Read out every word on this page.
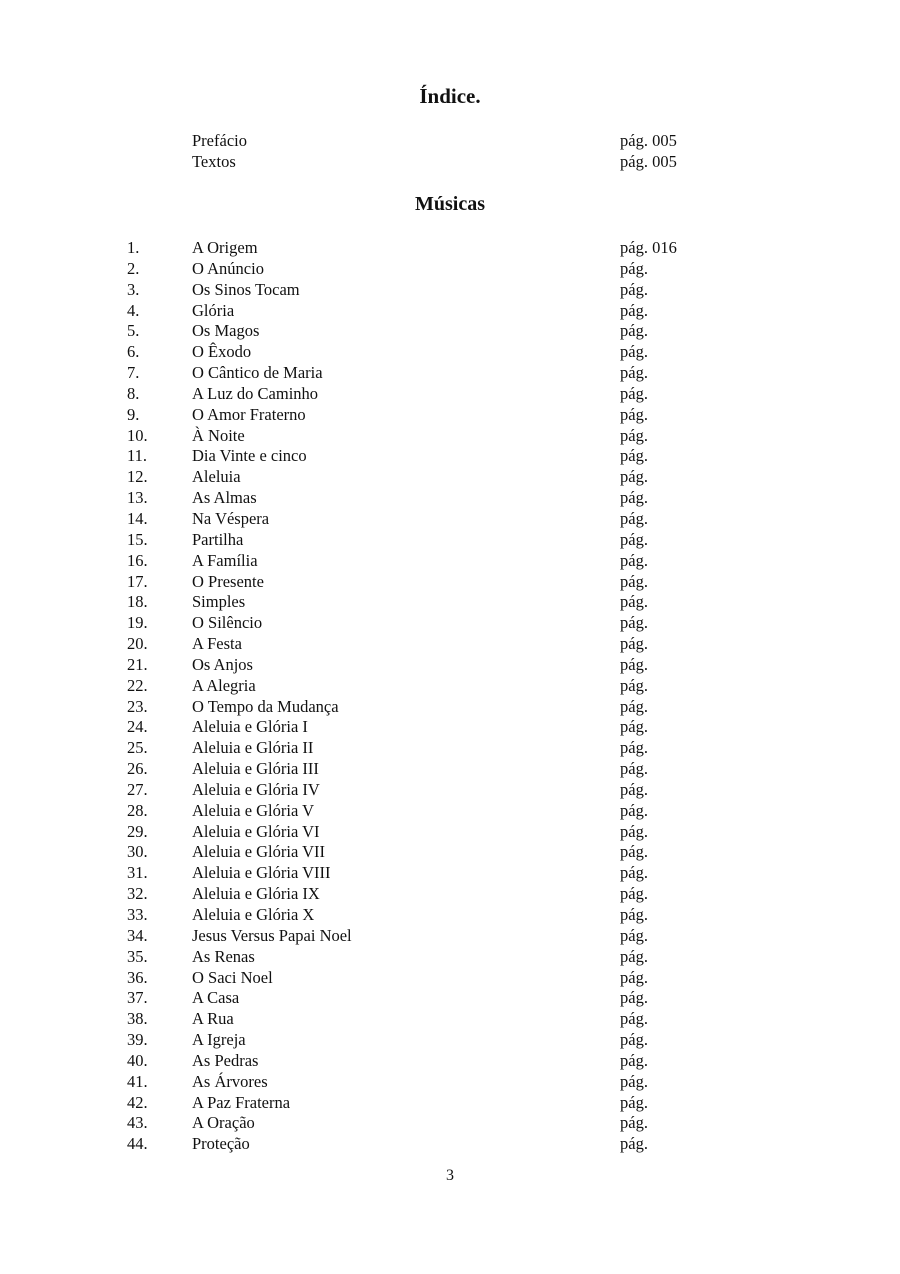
Índice.
Prefácio	pág. 005
Textos	pág. 005
Músicas
1.	A Origem	pág. 016
2.	O Anúncio	pág.
3.	Os Sinos Tocam	pág.
4.	Glória	pág.
5.	Os Magos	pág.
6.	O Êxodo	pág.
7.	O Cântico de Maria	pág.
8.	A Luz do Caminho	pág.
9.	O Amor Fraterno	pág.
10.	À Noite	pág.
11.	Dia Vinte e cinco	pág.
12.	Aleluia	pág.
13.	As Almas	pág.
14.	Na Véspera	pág.
15.	Partilha	pág.
16.	A Família	pág.
17.	O Presente	pág.
18.	Simples	pág.
19.	O Silêncio	pág.
20.	A Festa	pág.
21.	Os Anjos	pág.
22.	A Alegria	pág.
23.	O Tempo da Mudança	pág.
24.	Aleluia e Glória I	pág.
25.	Aleluia e Glória II	pág.
26.	Aleluia e Glória III	pág.
27.	Aleluia e Glória IV	pág.
28.	Aleluia e Glória V	pág.
29.	Aleluia e Glória VI	pág.
30.	Aleluia e Glória VII	pág.
31.	Aleluia e Glória VIII	pág.
32.	Aleluia e Glória IX	pág.
33.	Aleluia e Glória X	pág.
34.	Jesus Versus Papai Noel	pág.
35.	As Renas	pág.
36.	O Saci Noel	pág.
37.	A Casa	pág.
38.	A Rua	pág.
39.	A Igreja	pág.
40.	As Pedras	pág.
41.	As Árvores	pág.
42.	A Paz Fraterna	pág.
43.	A Oração	pág.
44.	Proteção	pág.
3
